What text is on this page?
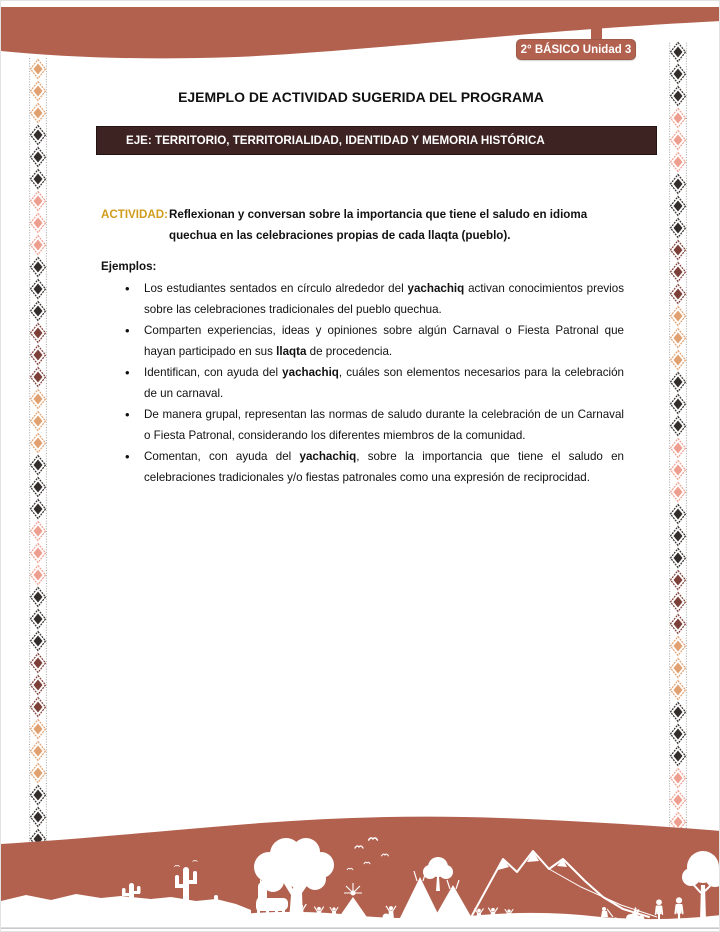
2° BÁSICO Unidad 3
EJEMPLO DE ACTIVIDAD SUGERIDA DEL PROGRAMA
EJE: TERRITORIO, TERRITORIALIDAD, IDENTIDAD Y MEMORIA HISTÓRICA
ACTIVIDAD: Reflexionan y conversan sobre la importancia que tiene el saludo en idioma quechua en las celebraciones propias de cada llaqta (pueblo).
Ejemplos:
•
Los estudiantes sentados en círculo alrededor del yachachiq activan conocimientos previos sobre las celebraciones tradicionales del pueblo quechua.
•
Comparten experiencias, ideas y opiniones sobre algún Carnaval o Fiesta Patronal que hayan participado en sus llaqta de procedencia.
•
Identifican, con ayuda del yachachiq, cuáles son elementos necesarios para la celebración de un carnaval.
•
De manera grupal, representan las normas de saludo durante la celebración de un Carnaval o Fiesta Patronal, considerando los diferentes miembros de la comunidad.
•
Comentan, con ayuda del yachachiq, sobre la importancia que tiene el saludo en celebraciones tradicionales y/o fiestas patronales como una expresión de reciprocidad.
